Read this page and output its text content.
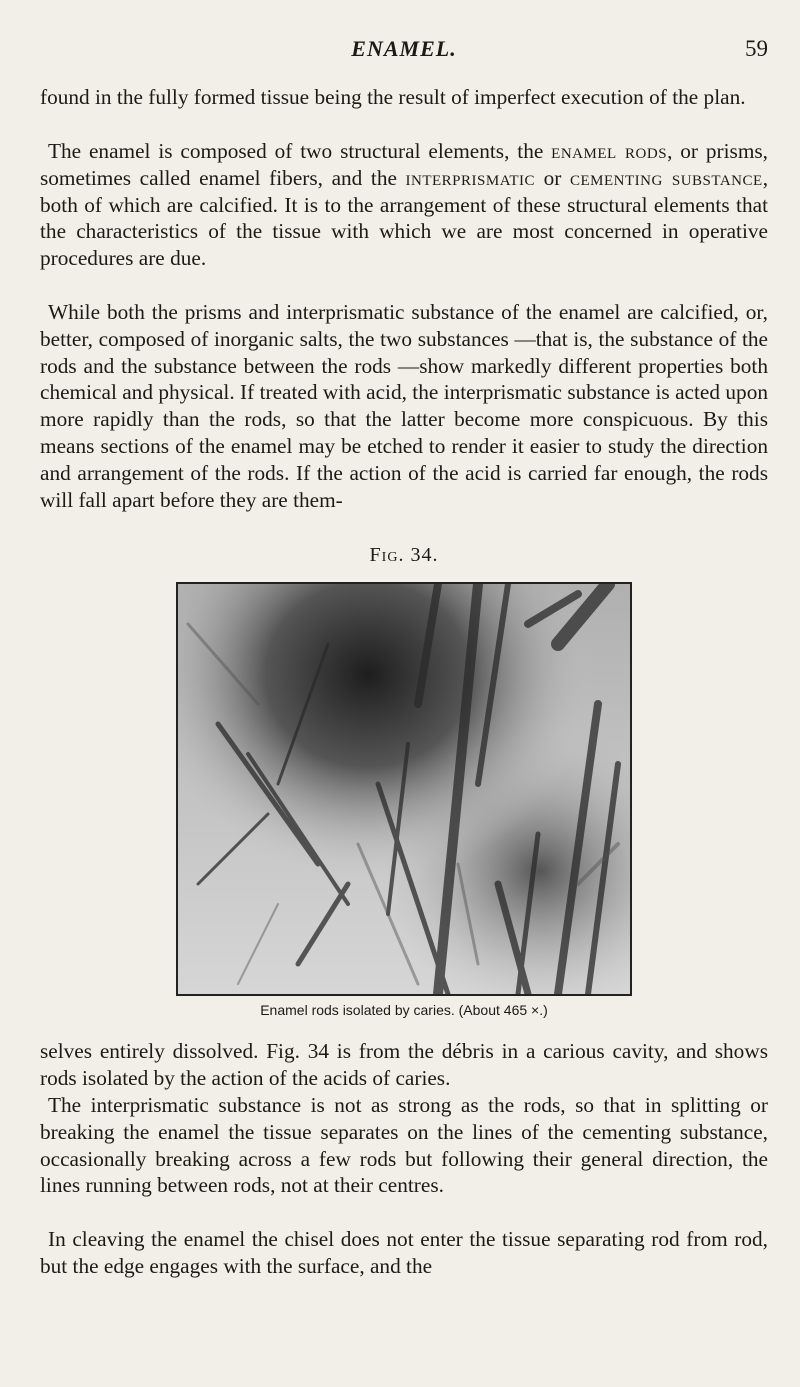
ENAMEL.	59

found in the fully formed tissue being the result of imperfect execution of the plan.

The enamel is composed of two structural elements, the enamel rods, or prisms, sometimes called enamel fibers, and the interprismatic or cementing substance, both of which are calcified. It is to the arrangement of these structural elements that the characteristics of the tissue with which we are most concerned in operative procedures are due.

While both the prisms and interprismatic substance of the enamel are calcified, or, better, composed of inorganic salts, the two substances —that is, the substance of the rods and the substance between the rods —show markedly different properties both chemical and physical. If treated with acid, the interprismatic substance is acted upon more rapidly than the rods, so that the latter become more conspicuous. By this means sections of the enamel may be etched to render it easier to study the direction and arrangement of the rods. If the action of the acid is carried far enough, the rods will fall apart before they are them-

Fig. 34.
Enamel rods isolated by caries. (About 465 ×.)

selves entirely dissolved. Fig. 34 is from the débris in a carious cavity, and shows rods isolated by the action of the acids of caries.

The interprismatic substance is not as strong as the rods, so that in splitting or breaking the enamel the tissue separates on the lines of the cementing substance, occasionally breaking across a few rods but following their general direction, the lines running between rods, not at their centres.

In cleaving the enamel the chisel does not enter the tissue separating rod from rod, but the edge engages with the surface, and the
